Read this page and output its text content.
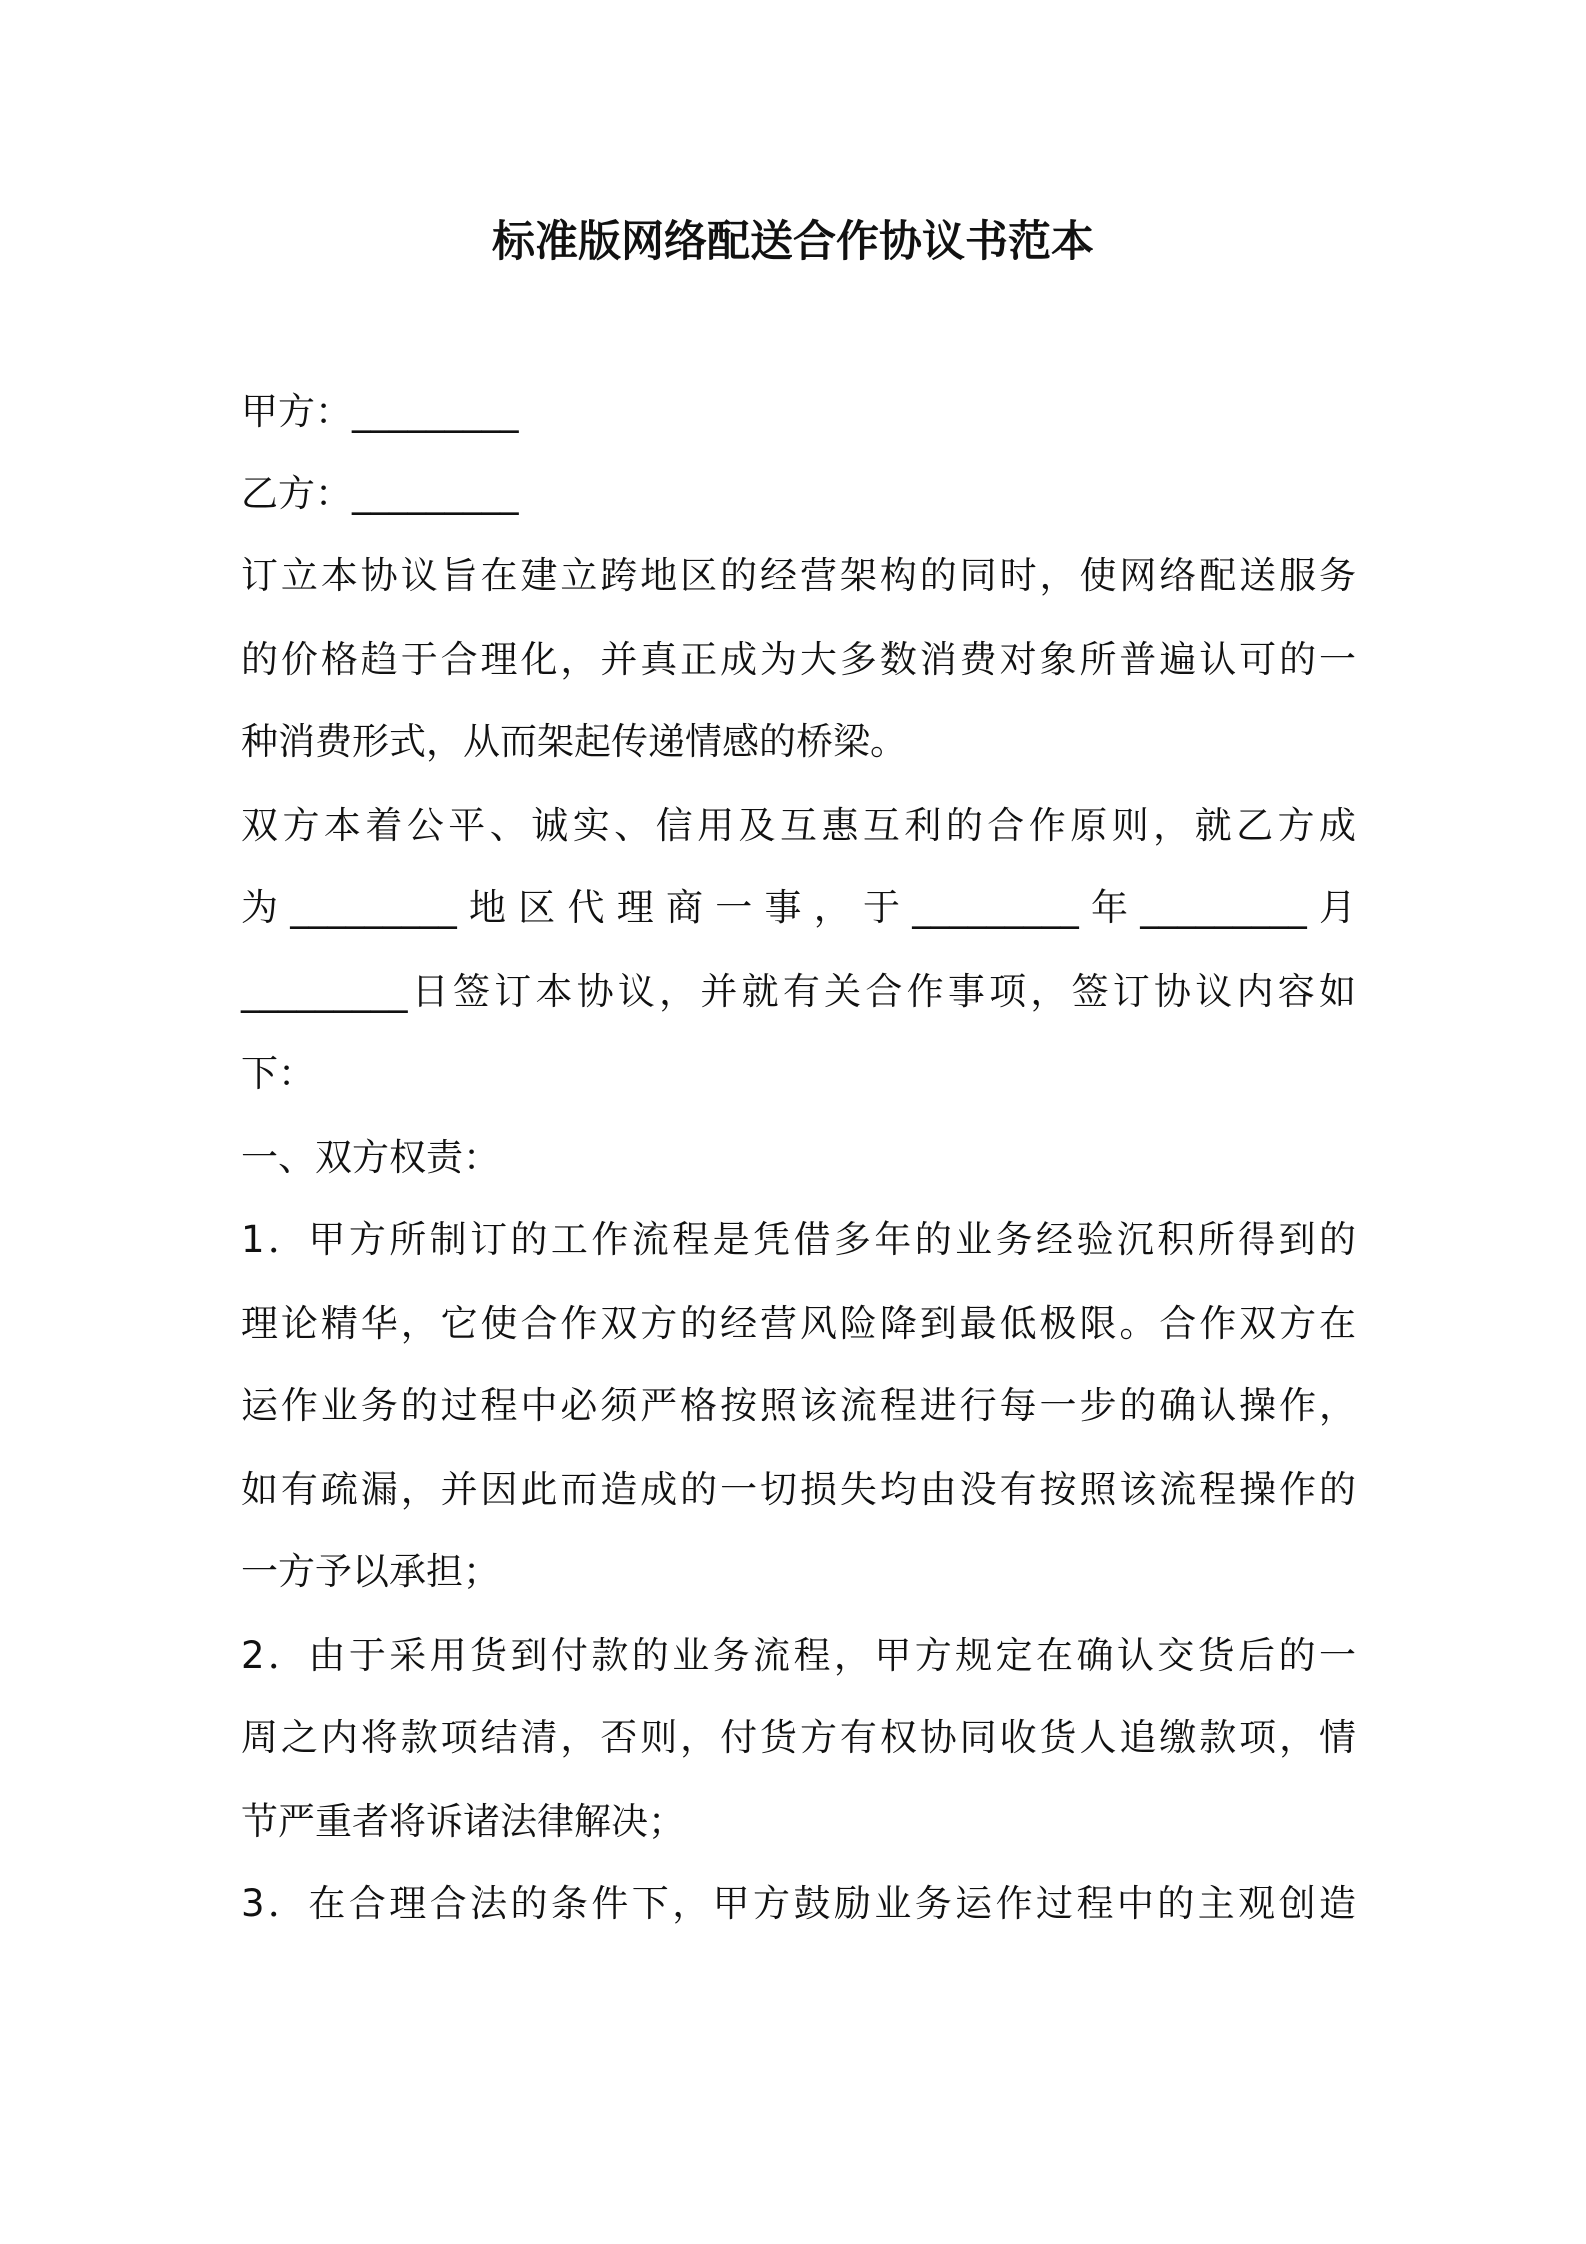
标准版网络配送合作协议书范本
甲方：_________
乙方：_________
订立本协议旨在建立跨地区的经营架构的同时，使网络配送服务
的价格趋于合理化，并真正成为大多数消费对象所普遍认可的一
种消费形式，从而架起传递情感的桥梁。
双方本着公平、诚实、信用及互惠互利的合作原则，就乙方成
为_________地区代理商一事，于_________年_________月
_________日签订本协议，并就有关合作事项，签订协议内容如
下：
一、双方权责：
1．甲方所制订的工作流程是凭借多年的业务经验沉积所得到的
理论精华，它使合作双方的经营风险降到最低极限。合作双方在
运作业务的过程中必须严格按照该流程进行每一步的确认操作，
如有疏漏，并因此而造成的一切损失均由没有按照该流程操作的
一方予以承担；
2．由于采用货到付款的业务流程，甲方规定在确认交货后的一
周之内将款项结清，否则，付货方有权协同收货人追缴款项，情
节严重者将诉诸法律解决；
3．在合理合法的条件下，甲方鼓励业务运作过程中的主观创造
